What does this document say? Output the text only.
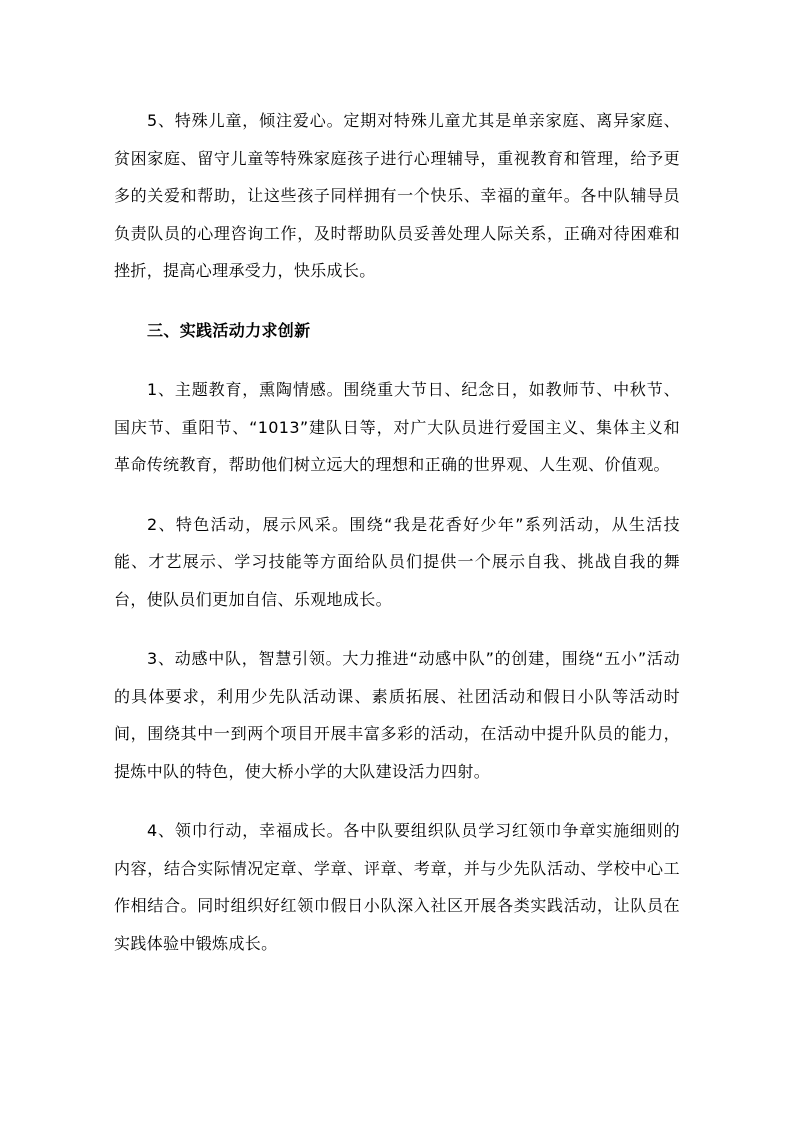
5、特殊儿童，倾注爱心。定期对特殊儿童尤其是单亲家庭、离异家庭、贫困家庭、留守儿童等特殊家庭孩子进行心理辅导，重视教育和管理，给予更多的关爱和帮助，让这些孩子同样拥有一个快乐、幸福的童年。各中队辅导员负责队员的心理咨询工作，及时帮助队员妥善处理人际关系，正确对待困难和挫折，提高心理承受力，快乐成长。

三、实践活动力求创新

1、主题教育，熏陶情感。围绕重大节日、纪念日，如教师节、中秋节、国庆节、重阳节、“1013”建队日等，对广大队员进行爱国主义、集体主义和革命传统教育，帮助他们树立远大的理想和正确的世界观、人生观、价值观。

2、特色活动，展示风采。围绕“我是花香好少年”系列活动，从生活技能、才艺展示、学习技能等方面给队员们提供一个展示自我、挑战自我的舞台，使队员们更加自信、乐观地成长。

3、动感中队，智慧引领。大力推进“动感中队”的创建，围绕“五小”活动的具体要求，利用少先队活动课、素质拓展、社团活动和假日小队等活动时间，围绕其中一到两个项目开展丰富多彩的活动，在活动中提升队员的能力，提炼中队的特色，使大桥小学的大队建设活力四射。

4、领巾行动，幸福成长。各中队要组织队员学习红领巾争章实施细则的内容，结合实际情况定章、学章、评章、考章，并与少先队活动、学校中心工作相结合。同时组织好红领巾假日小队深入社区开展各类实践活动，让队员在实践体验中锻炼成长。
